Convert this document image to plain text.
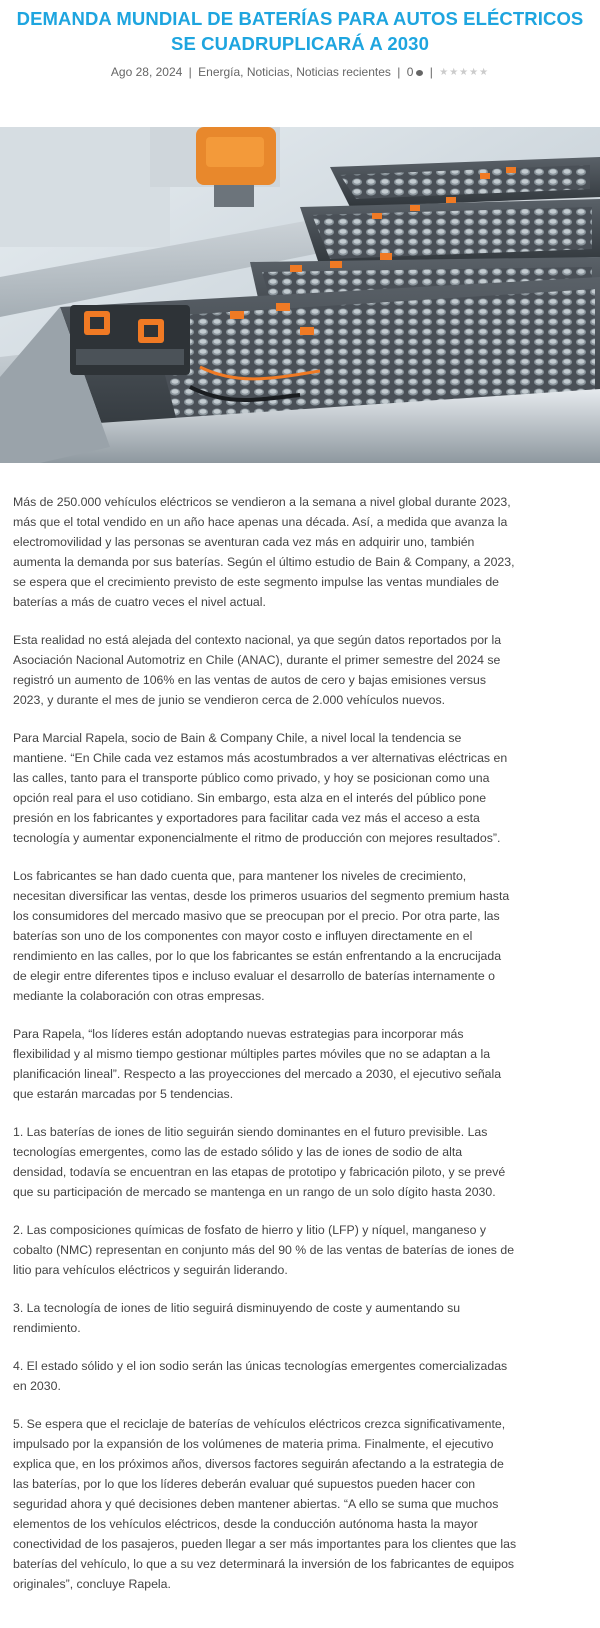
DEMANDA MUNDIAL DE BATERÍAS PARA AUTOS ELÉCTRICOS SE CUADRUPLICARÁ A 2030
Ago 28, 2024 | Energía, Noticias, Noticias recientes | 0 | ★★★★★

Más de 250.000 vehículos eléctricos se vendieron a la semana a nivel global durante 2023, más que el total vendido en un año hace apenas una década. Así, a medida que avanza la electromovilidad y las personas se aventuran cada vez más en adquirir uno, también aumenta la demanda por sus baterías. Según el último estudio de Bain & Company, a 2023, se espera que el crecimiento previsto de este segmento impulse las ventas mundiales de baterías a más de cuatro veces el nivel actual.

Esta realidad no está alejada del contexto nacional, ya que según datos reportados por la Asociación Nacional Automotriz en Chile (ANAC), durante el primer semestre del 2024 se registró un aumento de 106% en las ventas de autos de cero y bajas emisiones versus 2023, y durante el mes de junio se vendieron cerca de 2.000 vehículos nuevos.

Para Marcial Rapela, socio de Bain & Company Chile, a nivel local la tendencia se mantiene. “En Chile cada vez estamos más acostumbrados a ver alternativas eléctricas en las calles, tanto para el transporte público como privado, y hoy se posicionan como una opción real para el uso cotidiano. Sin embargo, esta alza en el interés del público pone presión en los fabricantes y exportadores para facilitar cada vez más el acceso a esta tecnología y aumentar exponencialmente el ritmo de producción con mejores resultados”.

Los fabricantes se han dado cuenta que, para mantener los niveles de crecimiento, necesitan diversificar las ventas, desde los primeros usuarios del segmento premium hasta los consumidores del mercado masivo que se preocupan por el precio. Por otra parte, las baterías son uno de los componentes con mayor costo e influyen directamente en el rendimiento en las calles, por lo que los fabricantes se están enfrentando a la encrucijada de elegir entre diferentes tipos e incluso evaluar el desarrollo de baterías internamente o mediante la colaboración con otras empresas.

Para Rapela, “los líderes están adoptando nuevas estrategias para incorporar más flexibilidad y al mismo tiempo gestionar múltiples partes móviles que no se adaptan a la planificación lineal”. Respecto a las proyecciones del mercado a 2030, el ejecutivo señala que estarán marcadas por 5 tendencias.

1. Las baterías de iones de litio seguirán siendo dominantes en el futuro previsible. Las tecnologías emergentes, como las de estado sólido y las de iones de sodio de alta densidad, todavía se encuentran en las etapas de prototipo y fabricación piloto, y se prevé que su participación de mercado se mantenga en un rango de un solo dígito hasta 2030.

2. Las composiciones químicas de fosfato de hierro y litio (LFP) y níquel, manganeso y cobalto (NMC) representan en conjunto más del 90 % de las ventas de baterías de iones de litio para vehículos eléctricos y seguirán liderando.

3. La tecnología de iones de litio seguirá disminuyendo de coste y aumentando su rendimiento.

4. El estado sólido y el ion sodio serán las únicas tecnologías emergentes comercializadas en 2030.

5. Se espera que el reciclaje de baterías de vehículos eléctricos crezca significativamente, impulsado por la expansión de los volúmenes de materia prima. Finalmente, el ejecutivo explica que, en los próximos años, diversos factores seguirán afectando a la estrategia de las baterías, por lo que los líderes deberán evaluar qué supuestos pueden hacer con seguridad ahora y qué decisiones deben mantener abiertas. “A ello se suma que muchos elementos de los vehículos eléctricos, desde la conducción autónoma hasta la mayor conectividad de los pasajeros, pueden llegar a ser más importantes para los clientes que las baterías del vehículo, lo que a su vez determinará la inversión de los fabricantes de equipos originales”, concluye Rapela.
